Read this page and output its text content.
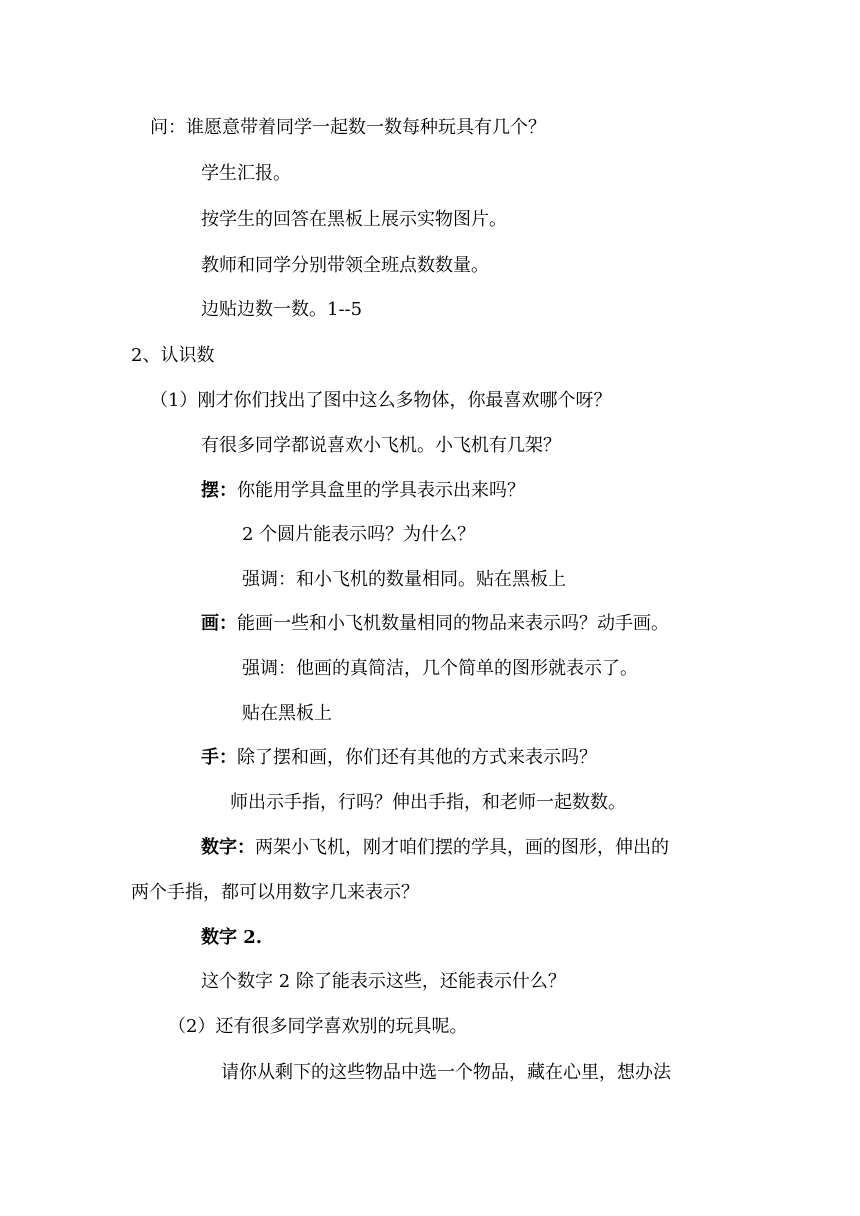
问：谁愿意带着同学一起数一数每种玩具有几个？
学生汇报。
按学生的回答在黑板上展示实物图片。
教师和同学分别带领全班点数数量。
边贴边数一数。1--5
2、认识数
（1）刚才你们找出了图中这么多物体，你最喜欢哪个呀？
有很多同学都说喜欢小飞机。小飞机有几架？
摆：你能用学具盒里的学具表示出来吗？
2 个圆片能表示吗？为什么？
强调：和小飞机的数量相同。贴在黑板上
画：能画一些和小飞机数量相同的物品来表示吗？动手画。
强调：他画的真简洁，几个简单的图形就表示了。
贴在黑板上
手：除了摆和画，你们还有其他的方式来表示吗？
师出示手指，行吗？伸出手指，和老师一起数数。
数字：两架小飞机，刚才咱们摆的学具，画的图形，伸出的
两个手指，都可以用数字几来表示？
数字 2.
这个数字 2 除了能表示这些，还能表示什么？
（2）还有很多同学喜欢别的玩具呢。
请你从剩下的这些物品中选一个物品，藏在心里，想办法
